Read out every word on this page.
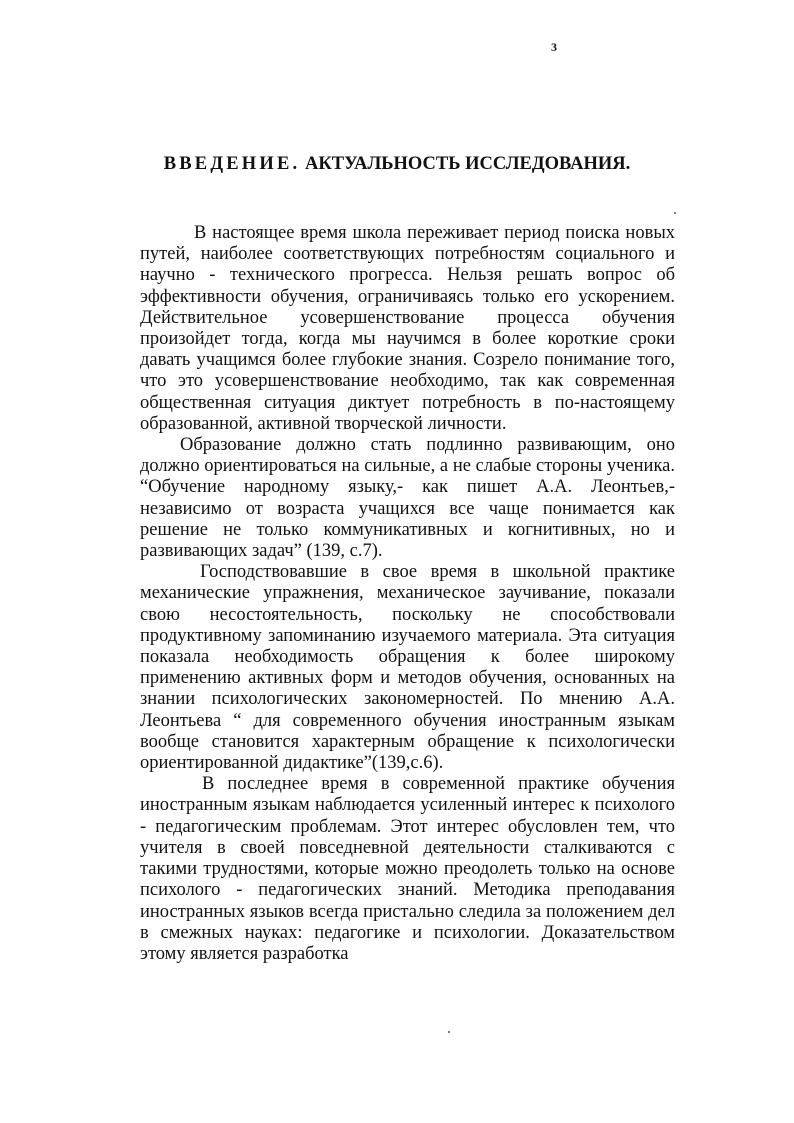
3
ВВЕДЕНИЕ. АКТУАЛЬНОСТЬ ИССЛЕДОВАНИЯ.

В настоящее время школа переживает период поиска новых путей, наиболее соответствующих потребностям социального и научно - технического прогресса. Нельзя решать вопрос об эффективности обучения, ограничиваясь только его ускорением. Действительное усовершенствование процесса обучения произойдет тогда, когда мы научимся в более короткие сроки давать учащимся более глубокие знания. Созрело понимание того, что это усовершенствование необходимо, так как современная общественная ситуация диктует потребность в по-настоящему образованной, активной творческой личности.

Образование должно стать подлинно развивающим, оно должно ориентироваться на сильные, а не слабые стороны ученика. “Обучение народному языку,- как пишет А.А. Леонтьев,- независимо от возраста учащихся все чаще понимается как решение не только коммуникативных и когнитивных, но и развивающих задач” (139, с.7).

Господствовавшие в свое время в школьной практике механические упражнения, механическое заучивание, показали свою несостоятельность, поскольку не способствовали продуктивному запоминанию изучаемого материала. Эта ситуация показала необходимость обращения к более широкому применению активных форм и методов обучения, основанных на знании психологических закономерностей. По мнению А.А. Леонтьева “ для современного обучения иностранным языкам вообще становится характерным обращение к психологически ориентированной дидактике”(139,с.6).

В последнее время в современной практике обучения иностранным языкам наблюдается усиленный интерес к психолого - педагогическим проблемам. Этот интерес обусловлен тем, что учителя в своей повседневной деятельности сталкиваются с такими трудностями, которые можно преодолеть только на основе психолого - педагогических знаний. Методика преподавания иностранных языков всегда пристально следила за положением дел в смежных науках: педагогике и психологии. Доказательством этому является разработка
